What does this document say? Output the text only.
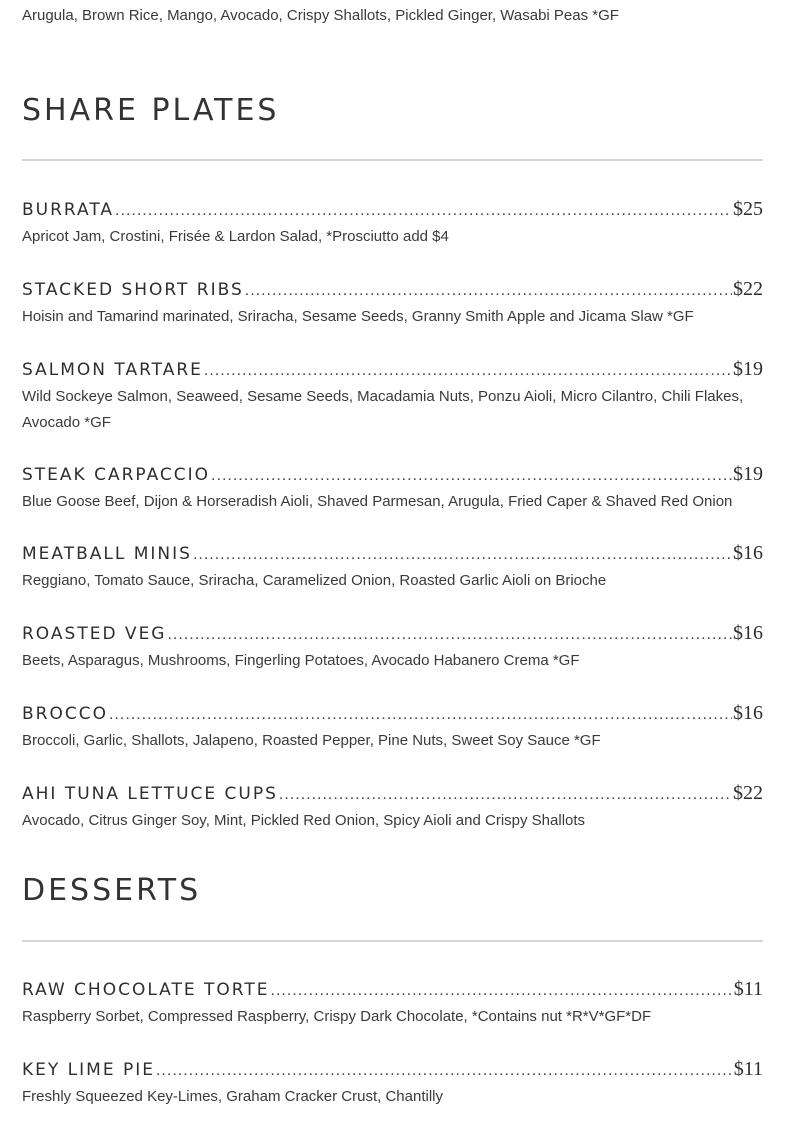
Arugula, Brown Rice, Mango, Avocado, Crispy Shallots, Pickled Ginger, Wasabi Peas *GF
SHARE PLATES
BURRATA .....	$25
Apricot Jam, Crostini, Frisée & Lardon Salad, *Prosciutto add $4
STACKED SHORT RIBS .....	$22
Hoisin and Tamarind marinated, Sriracha, Sesame Seeds, Granny Smith Apple and Jicama Slaw *GF
SALMON TARTARE .....	$19
Wild Sockeye Salmon, Seaweed, Sesame Seeds, Macadamia Nuts, Ponzu Aioli, Micro Cilantro, Chili Flakes, Avocado *GF
STEAK CARPACCIO .....	$19
Blue Goose Beef, Dijon & Horseradish Aioli, Shaved Parmesan, Arugula, Fried Caper & Shaved Red Onion
MEATBALL MINIS .....	$16
Reggiano, Tomato Sauce, Sriracha, Caramelized Onion, Roasted Garlic Aioli on Brioche
ROASTED VEG .....	$16
Beets, Asparagus, Mushrooms, Fingerling Potatoes, Avocado Habanero Crema *GF
BROCCO .....	$16
Broccoli, Garlic, Shallots, Jalapeno, Roasted Pepper, Pine Nuts, Sweet Soy Sauce *GF
AHI TUNA LETTUCE CUPS .....	$22
Avocado, Citrus Ginger Soy, Mint, Pickled Red Onion, Spicy Aioli and Crispy Shallots
DESSERTS
RAW CHOCOLATE TORTE .....	$11
Raspberry Sorbet, Compressed Raspberry, Crispy Dark Chocolate, *Contains nut *R*V*GF*DF
KEY LIME PIE .....	$11
Freshly Squeezed Key-Limes, Graham Cracker Crust, Chantilly
